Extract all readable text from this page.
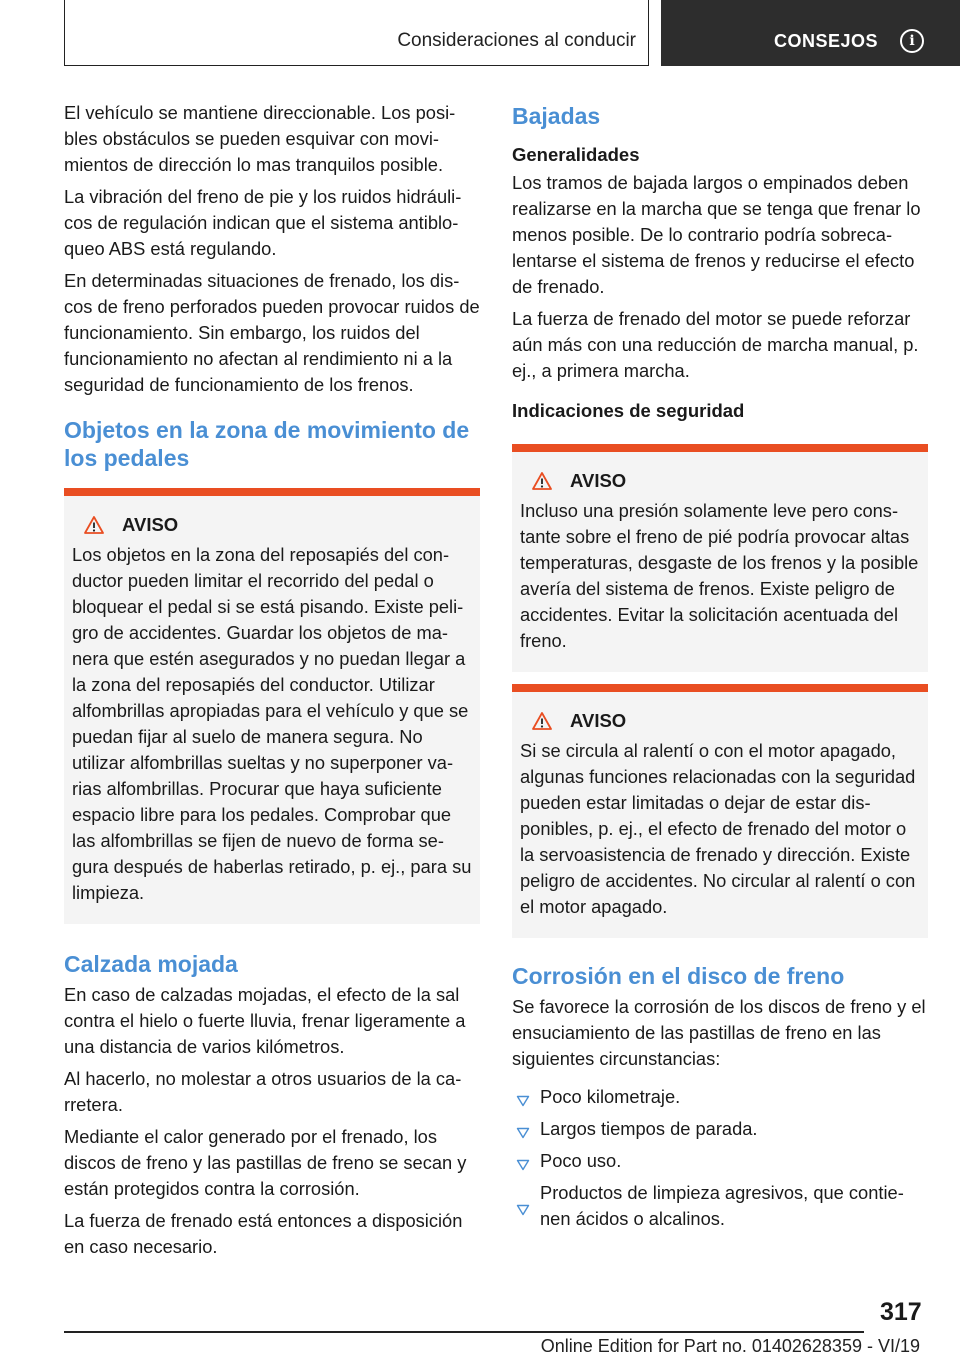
Consideraciones al conducir	CONSEJOS	i

El vehículo se mantiene direccionable. Los posibles obstáculos se pueden esquivar con movimientos de dirección lo mas tranquilos posible.

La vibración del freno de pie y los ruidos hidráulicos de regulación indican que el sistema antibloqueo ABS está regulando.

En determinadas situaciones de frenado, los discos de freno perforados pueden provocar ruidos de funcionamiento. Sin embargo, los ruidos del funcionamiento no afectan al rendimiento ni a la seguridad de funcionamiento de los frenos.

Objetos en la zona de movimiento de los pedales
AVISO

Los objetos en la zona del reposapiés del conductor pueden limitar el recorrido del pedal o bloquear el pedal si se está pisando. Existe peligro de accidentes. Guardar los objetos de manera que estén asegurados y no puedan llegar a la zona del reposapiés del conductor. Utilizar alfombrillas apropiadas para el vehículo y que se puedan fijar al suelo de manera segura. No utilizar alfombrillas sueltas y no superponer varias alfombrillas. Procurar que haya suficiente espacio libre para los pedales. Comprobar que las alfombrillas se fijen de nuevo de forma segura después de haberlas retirado, p. ej., para su limpieza.

Calzada mojada

En caso de calzadas mojadas, el efecto de la sal contra el hielo o fuerte lluvia, frenar ligeramente a una distancia de varios kilómetros.

Al hacerlo, no molestar a otros usuarios de la carretera.

Mediante el calor generado por el frenado, los discos de freno y las pastillas de freno se secan y están protegidos contra la corrosión.

La fuerza de frenado está entonces a disposición en caso necesario.

Bajadas
Generalidades

Los tramos de bajada largos o empinados deben realizarse en la marcha que se tenga que frenar lo menos posible. De lo contrario podría sobrecalentarse el sistema de frenos y reducirse el efecto de frenado.

La fuerza de frenado del motor se puede reforzar aún más con una reducción de marcha manual, p. ej., a primera marcha.

Indicaciones de seguridad
AVISO

Incluso una presión solamente leve pero constante sobre el freno de pié podría provocar altas temperaturas, desgaste de los frenos y la posible avería del sistema de frenos. Existe peligro de accidentes. Evitar la solicitación acentuada del freno.

AVISO

Si se circula al ralentí o con el motor apagado, algunas funciones relacionadas con la seguridad pueden estar limitadas o dejar de estar disponibles, p. ej., el efecto de frenado del motor o la servoasistencia de frenado y dirección. Existe peligro de accidentes. No circular al ralentí o con el motor apagado.

Corrosión en el disco de freno

Se favorece la corrosión de los discos de freno y el ensuciamiento de las pastillas de freno en las siguientes circunstancias:

Poco kilometraje.
Largos tiempos de parada.
Poco uso.
Productos de limpieza agresivos, que contienen ácidos o alcalinos.
317
Online Edition for Part no. 01402628359 - VI/19
